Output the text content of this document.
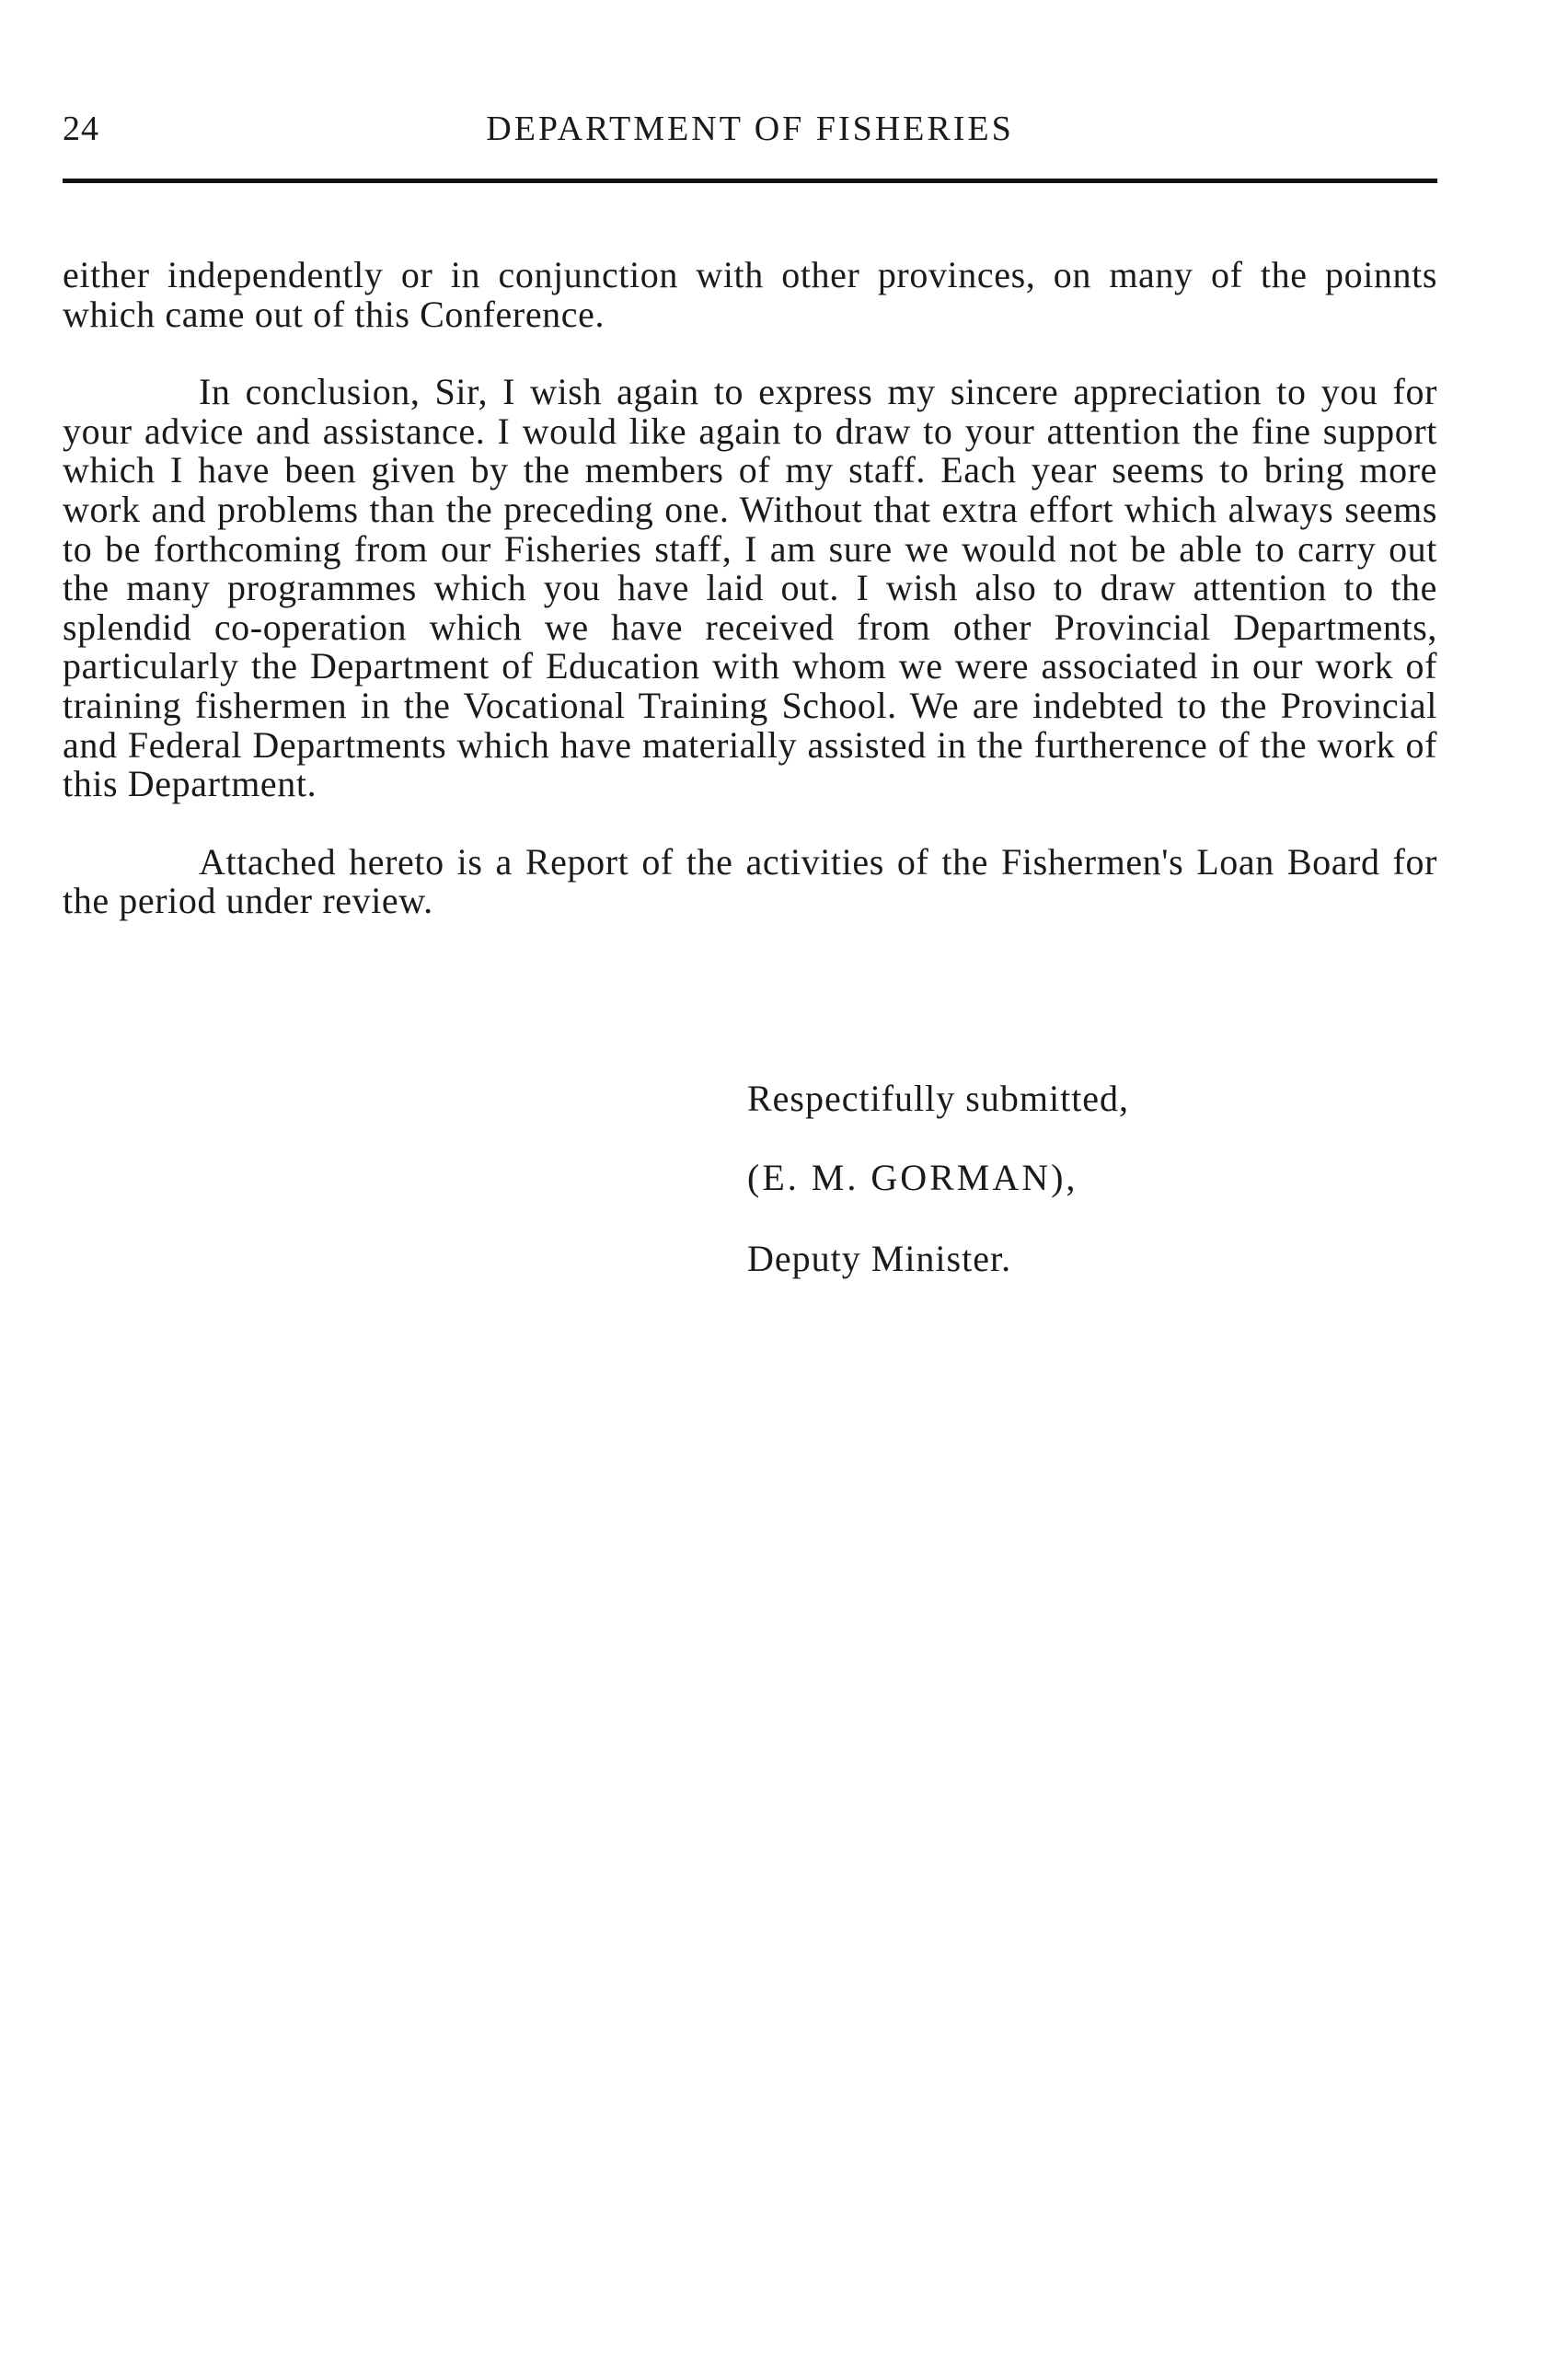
24	DEPARTMENT OF FISHERIES

either independently or in conjunction with other provinces, on many of the poinnts which came out of this Conference.

In conclusion, Sir, I wish again to express my sincere appreciation to you for your advice and assistance. I would like again to draw to your attention the fine support which I have been given by the members of my staff. Each year seems to bring more work and problems than the preceding one. Without that extra effort which always seems to be forthcoming from our Fisheries staff, I am sure we would not be able to carry out the many programmes which you have laid out. I wish also to draw attention to the splendid co-operation which we have received from other Provincial Departments, particularly the Department of Education with whom we were associated in our work of training fishermen in the Vocational Training School. We are indebted to the Provincial and Federal Departments which have materially assisted in the furtherence of the work of this Department.

Attached hereto is a Report of the activities of the Fishermen's Loan Board for the period under review.

Respectifully submitted,
(E. M. GORMAN),
Deputy Minister.
